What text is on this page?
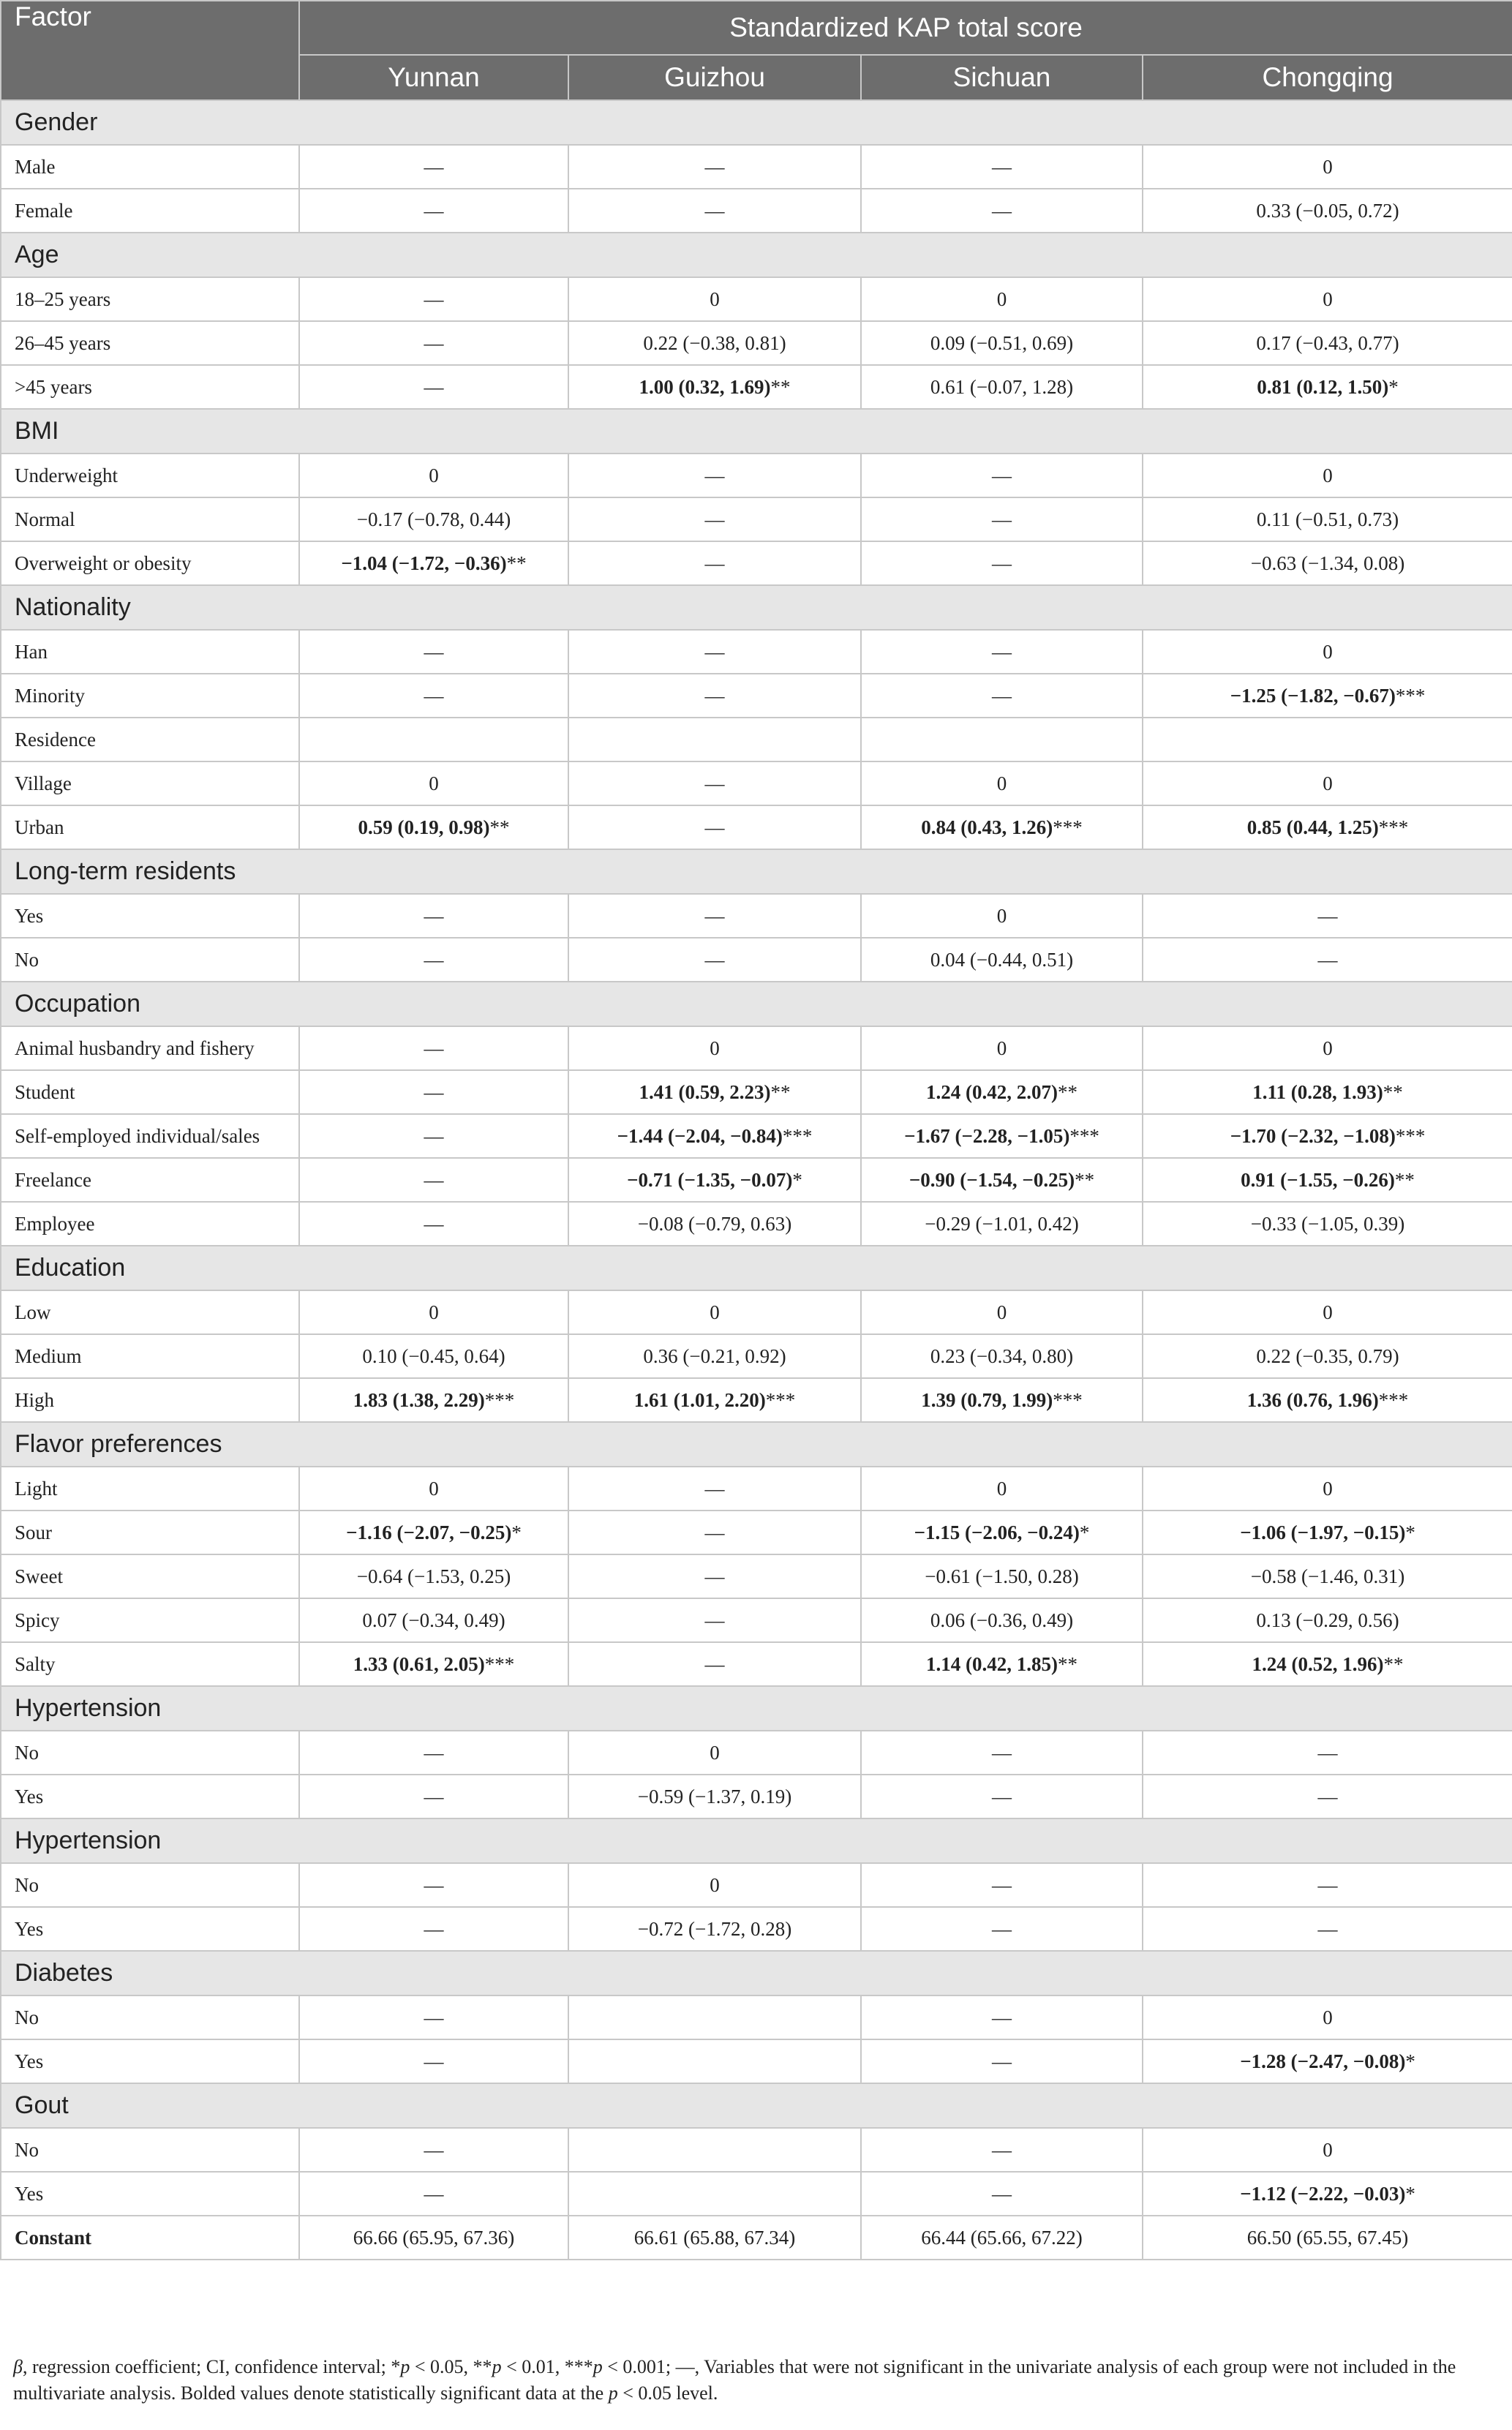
Factor	Standardized KAP total score			
	Yunnan	Guizhou	Sichuan	Chongqing
Gender				
Male	—	—	—	0
Female	—	—	—	0.33 (−0.05, 0.72)
Age				
18–25 years	—	0	0	0
26–45 years	—	0.22 (−0.38, 0.81)	0.09 (−0.51, 0.69)	0.17 (−0.43, 0.77)
>45 years	—	1.00 (0.32, 1.69)**	0.61 (−0.07, 1.28)	0.81 (0.12, 1.50)*
BMI				
Underweight	0	—	—	0
Normal	−0.17 (−0.78, 0.44)	—	—	0.11 (−0.51, 0.73)
Overweight or obesity	−1.04 (−1.72, −0.36)**	—	—	−0.63 (−1.34, 0.08)
Nationality				
Han	—	—	—	0
Minority	—	—	—	−1.25 (−1.82, −0.67)***
Residence				
Village	0	—	0	0
Urban	0.59 (0.19, 0.98)**	—	0.84 (0.43, 1.26)***	0.85 (0.44, 1.25)***
Long-term residents				
Yes	—	—	0	—
No	—	—	0.04 (−0.44, 0.51)	—
Occupation				
Animal husbandry and fishery	—	0	0	0
Student	—	1.41 (0.59, 2.23)**	1.24 (0.42, 2.07)**	1.11 (0.28, 1.93)**
Self-employed individual/sales	—	−1.44 (−2.04, −0.84)***	−1.67 (−2.28, −1.05)***	−1.70 (−2.32, −1.08)***
Freelance	—	−0.71 (−1.35, −0.07)*	−0.90 (−1.54, −0.25)**	0.91 (−1.55, −0.26)**
Employee	—	−0.08 (−0.79, 0.63)	−0.29 (−1.01, 0.42)	−0.33 (−1.05, 0.39)
Education				
Low	0	0	0	0
Medium	0.10 (−0.45, 0.64)	0.36 (−0.21, 0.92)	0.23 (−0.34, 0.80)	0.22 (−0.35, 0.79)
High	1.83 (1.38, 2.29)***	1.61 (1.01, 2.20)***	1.39 (0.79, 1.99)***	1.36 (0.76, 1.96)***
Flavor preferences				
Light	0	—	0	0
Sour	−1.16 (−2.07, −0.25)*	—	−1.15 (−2.06, −0.24)*	−1.06 (−1.97, −0.15)*
Sweet	−0.64 (−1.53, 0.25)	—	−0.61 (−1.50, 0.28)	−0.58 (−1.46, 0.31)
Spicy	0.07 (−0.34, 0.49)	—	0.06 (−0.36, 0.49)	0.13 (−0.29, 0.56)
Salty	1.33 (0.61, 2.05)***	—	1.14 (0.42, 1.85)**	1.24 (0.52, 1.96)**
Hypertension				
No	—	0	—	—
Yes	—	−0.59 (−1.37, 0.19)	—	—
Hypertension				
No	—	0	—	—
Yes	—	−0.72 (−1.72, 0.28)	—	—
Diabetes				
No	—		—	0
Yes	—		—	−1.28 (−2.47, −0.08)*
Gout				
No	—		—	0
Yes	—		—	−1.12 (−2.22, −0.03)*
Constant	66.66 (65.95, 67.36)	66.61 (65.88, 67.34)	66.44 (65.66, 67.22)	66.50 (65.55, 67.45)
β, regression coefficient; CI, confidence interval; *p < 0.05, **p < 0.01, ***p < 0.001; —, Variables that were not significant in the univariate analysis of each group were not included in the multivariate analysis. Bolded values denote statistically significant data at the p < 0.05 level.
